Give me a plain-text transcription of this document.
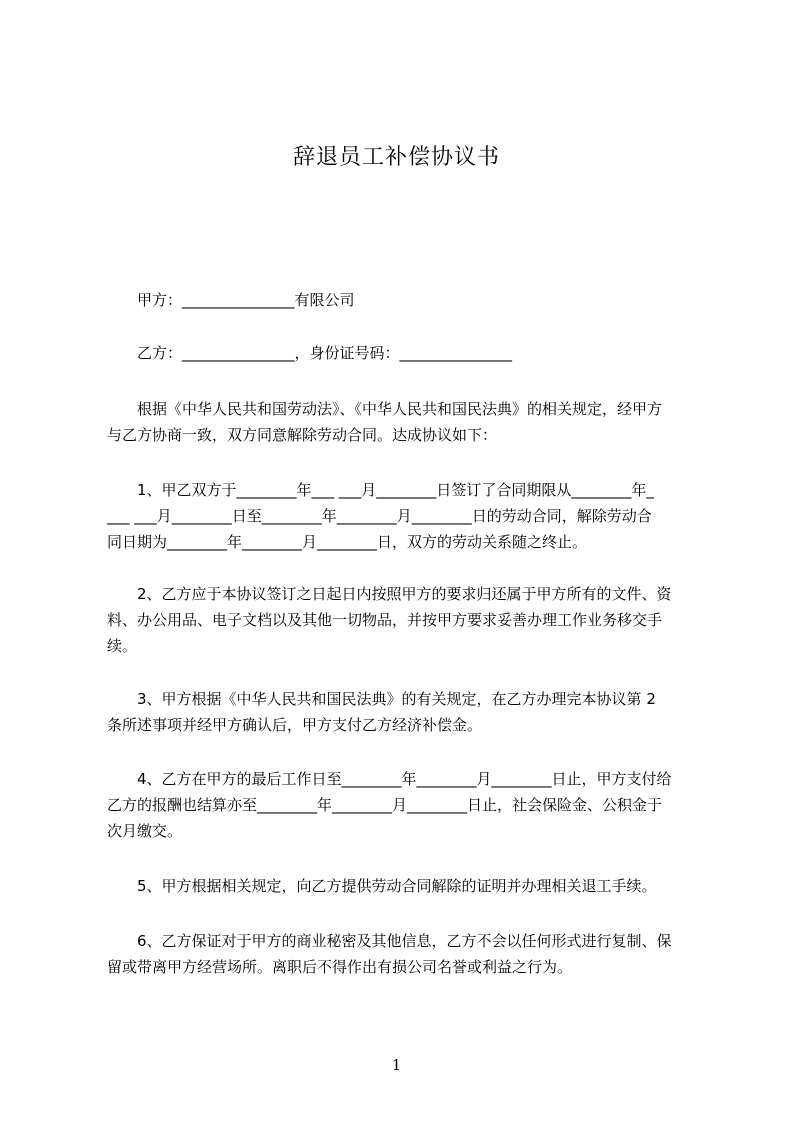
辞退员工补偿协议书

甲方：_______________有限公司

乙方：_______________，身份证号码：_______________

根据《中华人民共和国劳动法》、《中华人民共和国民法典》的相关规定，经甲方

与乙方协商一致，双方同意解除劳动合同。达成协议如下：

1、甲乙双方于________年___ ___月________日签订了合同期限从________年_

___ ___月________日至________年________月________日的劳动合同，解除劳动合

同日期为________年________月________日，双方的劳动关系随之终止。

2、乙方应于本协议签订之日起日内按照甲方的要求归还属于甲方所有的文件、资

料、办公用品、电子文档以及其他一切物品，并按甲方要求妥善办理工作业务移交手

续。

3、甲方根据《中华人民共和国民法典》的有关规定，在乙方办理完本协议第 2

条所述事项并经甲方确认后，甲方支付乙方经济补偿金。

4、乙方在甲方的最后工作日至________年________月________日止，甲方支付给

乙方的报酬也结算亦至________年________月________日止，社会保险金、公积金于

次月缴交。

5、甲方根据相关规定，向乙方提供劳动合同解除的证明并办理相关退工手续。

6、乙方保证对于甲方的商业秘密及其他信息，乙方不会以任何形式进行复制、保

留或带离甲方经营场所。离职后不得作出有损公司名誉或利益之行为。

1
